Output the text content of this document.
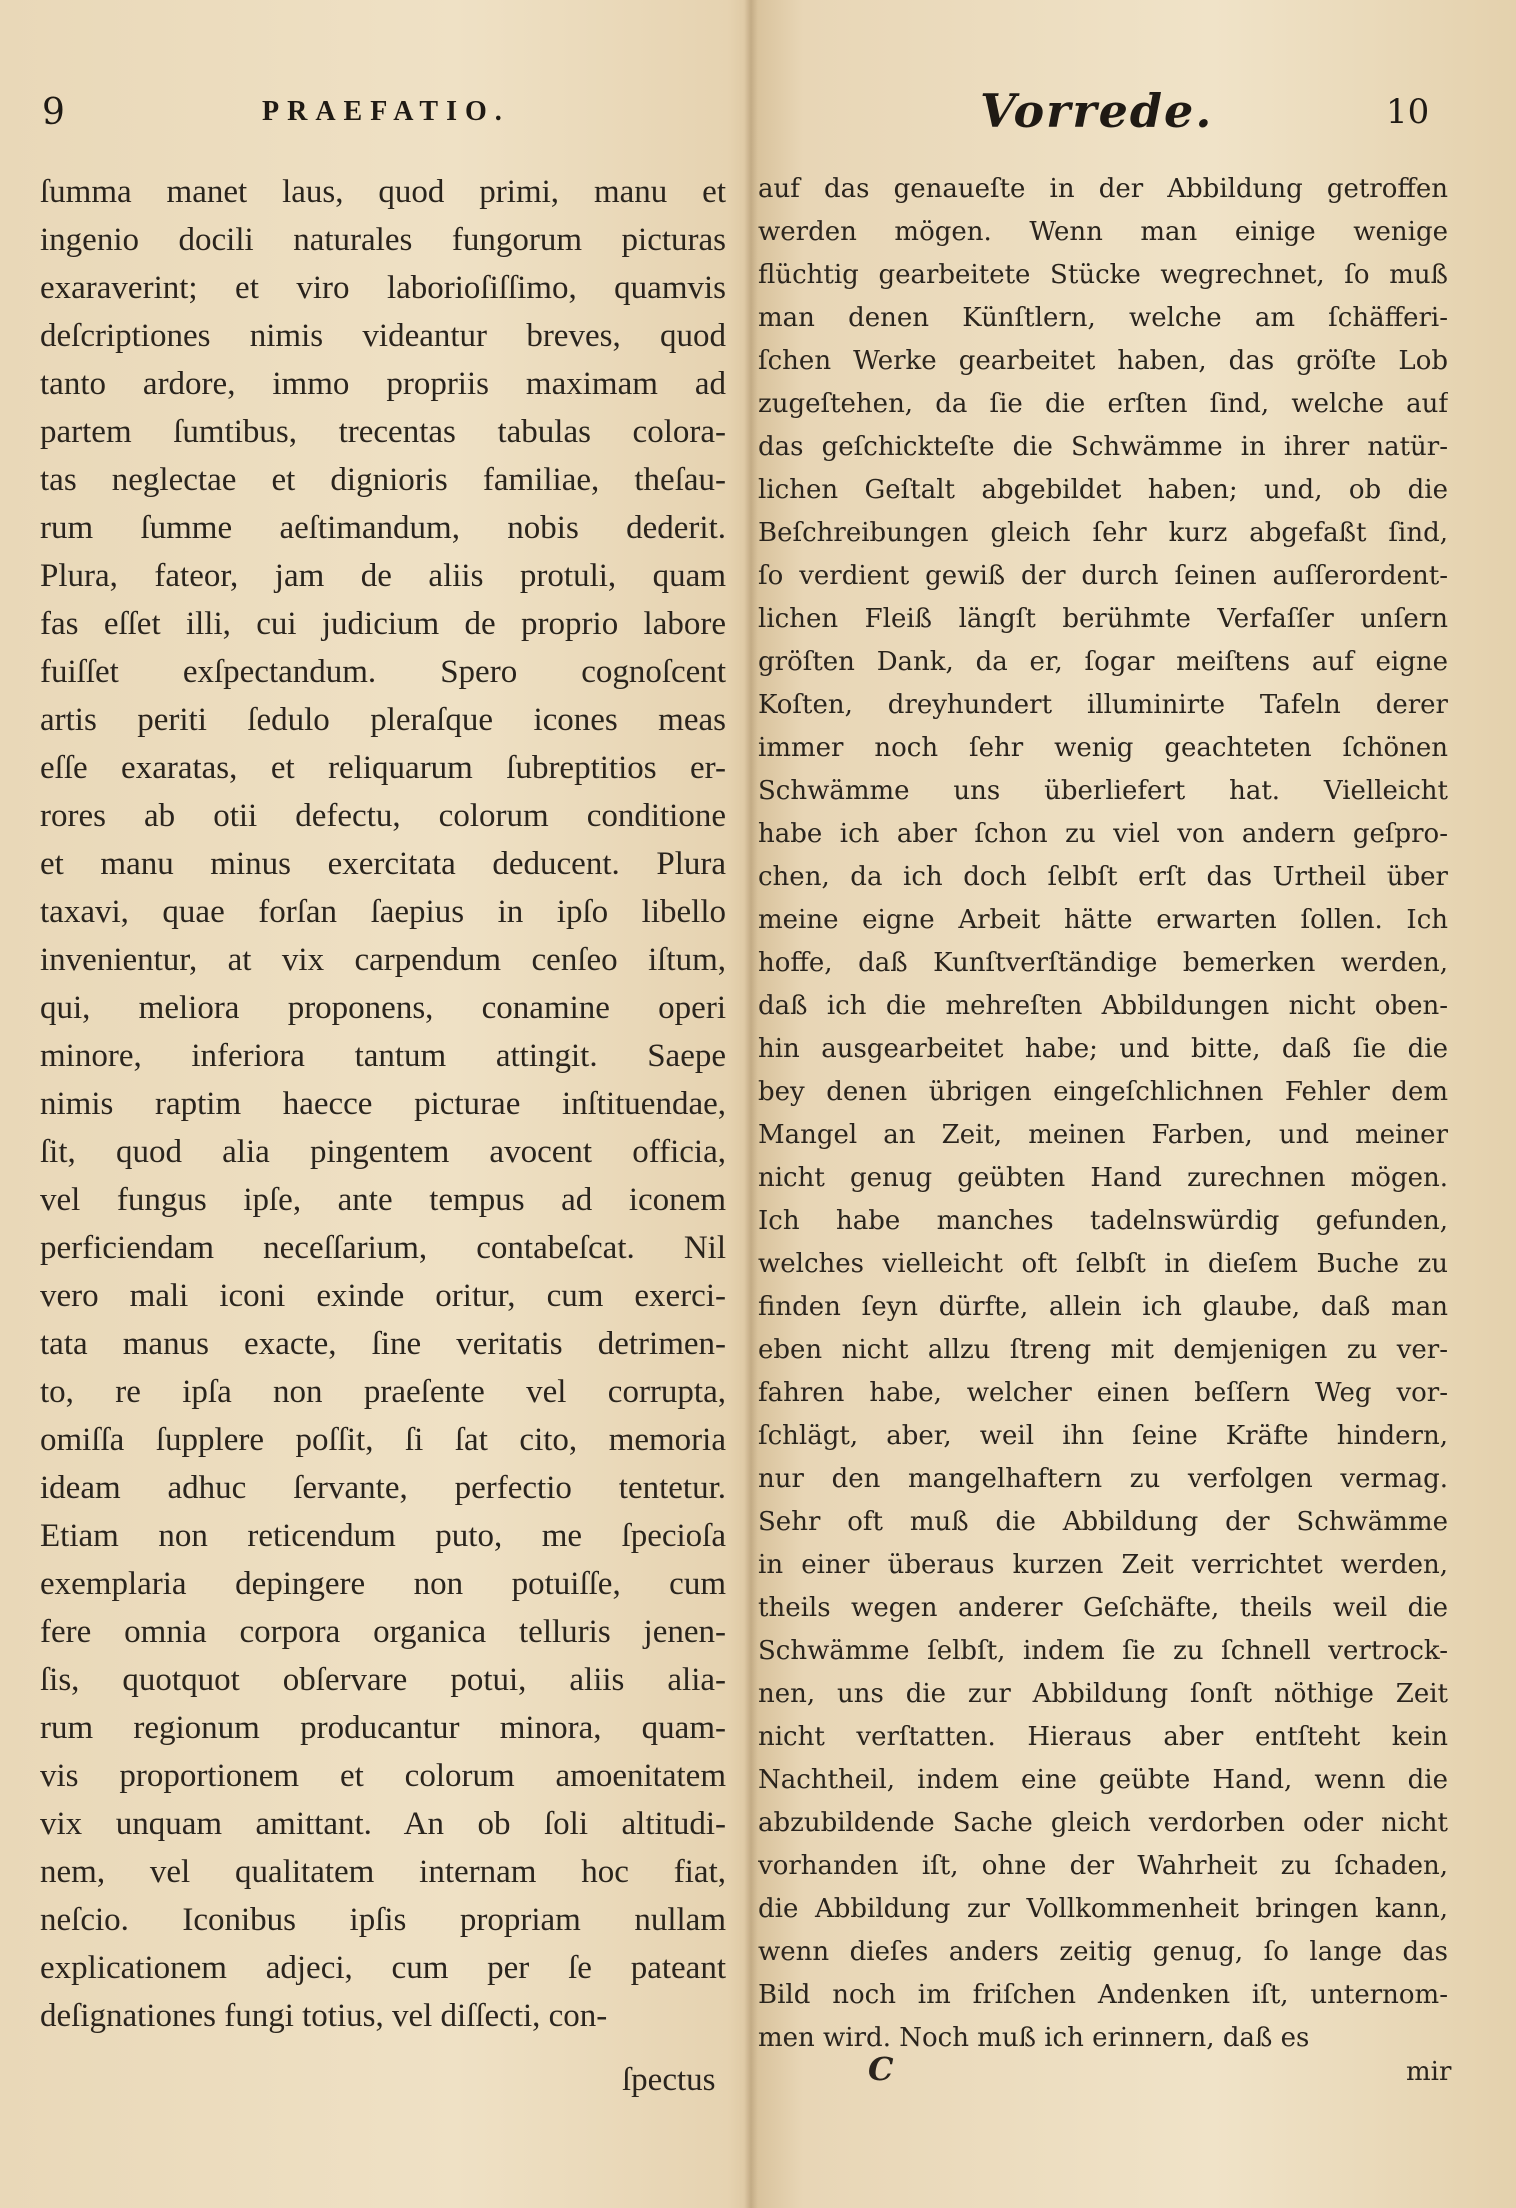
9	PRAEFATIO.
ſumma manet laus, quod primi, manu et
ingenio docili naturales fungorum picturas
exaraverint; et viro laborioſiſſimo, quamvis
deſcriptiones nimis videantur breves, quod
tanto ardore, immo propriis maximam ad
partem ſumtibus, trecentas tabulas colora-
tas neglectae et dignioris familiae, theſau-
rum ſumme aeſtimandum, nobis dederit.
Plura, fateor, jam de aliis protuli, quam
fas eſſet illi, cui judicium de proprio labore
fuiſſet exſpectandum. Spero cognoſcent
artis periti ſedulo pleraſque icones meas
eſſe exaratas, et reliquarum ſubreptitios er-
rores ab otii defectu, colorum conditione
et manu minus exercitata deducent. Plura
taxavi, quae forſan ſaepius in ipſo libello
invenientur, at vix carpendum cenſeo iſtum,
qui, meliora proponens, conamine operi
minore, inferiora tantum attingit. Saepe
nimis raptim haecce picturae inſtituendae,
ſit, quod alia pingentem avocent officia,
vel fungus ipſe, ante tempus ad iconem
perficiendam neceſſarium, contabeſcat. Nil
vero mali iconi exinde oritur, cum exerci-
tata manus exacte, ſine veritatis detrimen-
to, re ipſa non praeſente vel corrupta,
omiſſa ſupplere poſſit, ſi ſat cito, memoria
ideam adhuc ſervante, perfectio tentetur.
Etiam non reticendum puto, me ſpecioſa
exemplaria depingere non potuiſſe, cum
fere omnia corpora organica telluris jenen-
ſis, quotquot obſervare potui, aliis alia-
rum regionum producantur minora, quam-
vis proportionem et colorum amoenitatem
vix unquam amittant. An ob ſoli altitudi-
nem, vel qualitatem internam hoc fiat,
neſcio. Iconibus ipſis propriam nullam
explicationem adjeci, cum per ſe pateant
deſignationes fungi totius, vel diſſecti, con-
ſpectus
Vorrede.	10
auf das genaueſte in der Abbildung getroffen
werden mögen. Wenn man einige wenige
flüchtig gearbeitete Stücke wegrechnet, ſo muß
man denen Künſtlern, welche am ſchäfferi-
ſchen Werke gearbeitet haben, das gröſte Lob
zugeſtehen, da ſie die erſten ſind, welche auf
das geſchickteſte die Schwämme in ihrer natür-
lichen Geſtalt abgebildet haben; und, ob die
Beſchreibungen gleich ſehr kurz abgefaßt ſind,
ſo verdient gewiß der durch ſeinen auſſerordent-
lichen Fleiß längſt berühmte Verfaſſer unſern
gröſten Dank, da er, ſogar meiſtens auf eigne
Koſten, dreyhundert illuminirte Tafeln derer
immer noch ſehr wenig geachteten ſchönen
Schwämme uns überliefert hat. Vielleicht
habe ich aber ſchon zu viel von andern geſpro-
chen, da ich doch ſelbſt erſt das Urtheil über
meine eigne Arbeit hätte erwarten ſollen. Ich
hoffe, daß Kunſtverſtändige bemerken werden,
daß ich die mehreſten Abbildungen nicht oben-
hin ausgearbeitet habe; und bitte, daß ſie die
bey denen übrigen eingeſchlichnen Fehler dem
Mangel an Zeit, meinen Farben, und meiner
nicht genug geübten Hand zurechnen mögen.
Ich habe manches tadelnswürdig gefunden,
welches vielleicht oft ſelbſt in dieſem Buche zu
finden ſeyn dürfte, allein ich glaube, daß man
eben nicht allzu ſtreng mit demjenigen zu ver-
fahren habe, welcher einen beſſern Weg vor-
ſchlägt, aber, weil ihn ſeine Kräfte hindern,
nur den mangelhaftern zu verfolgen vermag.
Sehr oft muß die Abbildung der Schwämme
in einer überaus kurzen Zeit verrichtet werden,
theils wegen anderer Geſchäfte, theils weil die
Schwämme ſelbſt, indem ſie zu ſchnell vertrock-
nen, uns die zur Abbildung ſonſt nöthige Zeit
nicht verſtatten. Hieraus aber entſteht kein
Nachtheil, indem eine geübte Hand, wenn die
abzubildende Sache gleich verdorben oder nicht
vorhanden iſt, ohne der Wahrheit zu ſchaden,
die Abbildung zur Vollkommenheit bringen kann,
wenn dieſes anders zeitig genug, ſo lange das
Bild noch im friſchen Andenken iſt, unternom-
men wird. Noch muß ich erinnern, daß es
C	mir
